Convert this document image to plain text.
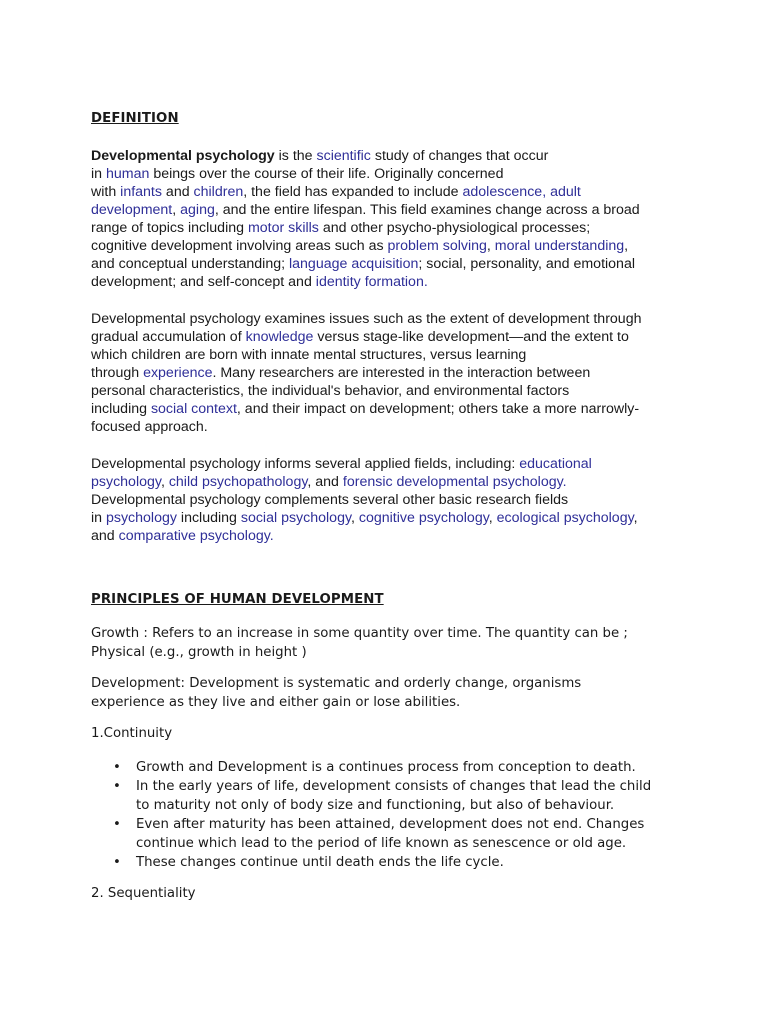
DEFINITION

Developmental psychology is the scientific study of changes that occur
in human beings over the course of their life. Originally concerned
with infants and children, the field has expanded to include adolescence, adult
development, aging, and the entire lifespan. This field examines change across a broad
range of topics including motor skills and other psycho-physiological processes;
cognitive development involving areas such as problem solving, moral understanding,
and conceptual understanding; language acquisition; social, personality, and emotional
development; and self-concept and identity formation.

Developmental psychology examines issues such as the extent of development through
gradual accumulation of knowledge versus stage-like development—and the extent to
which children are born with innate mental structures, versus learning
through experience. Many researchers are interested in the interaction between
personal characteristics, the individual's behavior, and environmental factors
including social context, and their impact on development; others take a more narrowly-
focused approach.

Developmental psychology informs several applied fields, including: educational
psychology, child psychopathology, and forensic developmental psychology.
Developmental psychology complements several other basic research fields
in psychology including social psychology, cognitive psychology, ecological psychology,
and comparative psychology.

PRINCIPLES OF HUMAN DEVELOPMENT

Growth : Refers to an increase in some quantity over time. The quantity can be ;
Physical (e.g., growth in height )

Development: Development is systematic and orderly change, organisms
experience as they live and either gain or lose abilities.

1.Continuity

• Growth and Development is a continues process from conception to death.
• In the early years of life, development consists of changes that lead the child
to maturity not only of body size and functioning, but also of behaviour.
• Even after maturity has been attained, development does not end. Changes
continue which lead to the period of life known as senescence or old age.
• These changes continue until death ends the life cycle.

2. Sequentiality
